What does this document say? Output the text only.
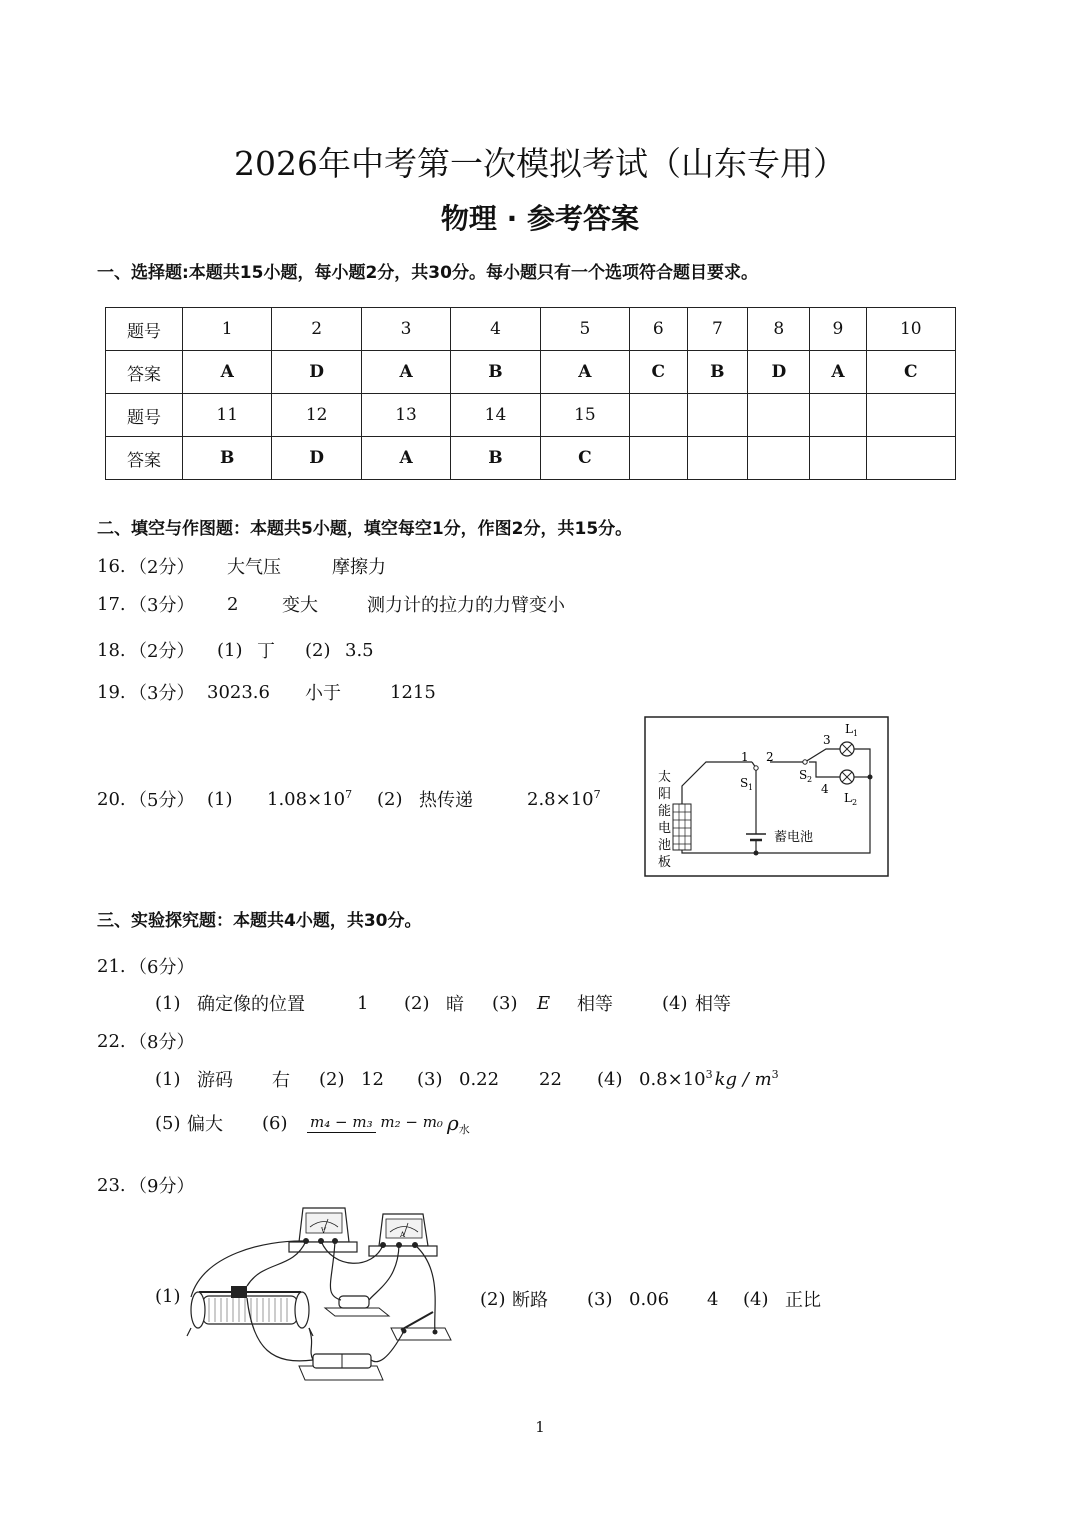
2026年中考第一次模拟考试（山东专用）
物理 · 参考答案
一、选择题:本题共15小题，每小题2分，共30分。每小题只有一个选项符合题目要求。
题号	1	2	3	4	5	6	7	8	9	10
答案	A	D	A	B	A	C	B	D	A	C
题号	11	12	13	14	15					
答案	B	D	A	B	C					
二、填空与作图题：本题共5小题，填空每空1分，作图2分，共15分。
16. （2分）	大气压	摩擦力
17. （3分）	2	变大	测力计的拉力的力臂变小
18. （2分）	(1) 丁	(2) 3.5
19. （3分） 3023.6	小于	1215
20. （5分） (1)	$1.08\times 10^7$	(2) 热传递	$2.8\times 10^7$
太
阳
能
电
池
板
蓄电池
S 1
S 2
L 1
L 2
1 2
3
4
三、实验探究题：本题共4小题，共30分。
21. （6分）
(1) 确定像的位置	1	(2) 暗	(3)	E	相等	(4) 相等
22. （8分）
(1) 游码	右	(2) 12	(3) 0.22	22	(4) $0.8\times 10^3$ kg / $m^3$
(5) 偏大	(6)	m₄ − m₃ m₂ − m₀ ρ 水
23. （9分）
(1)
V	A
(2) 断路	(3) 0.06	4	(4) 正比
1
